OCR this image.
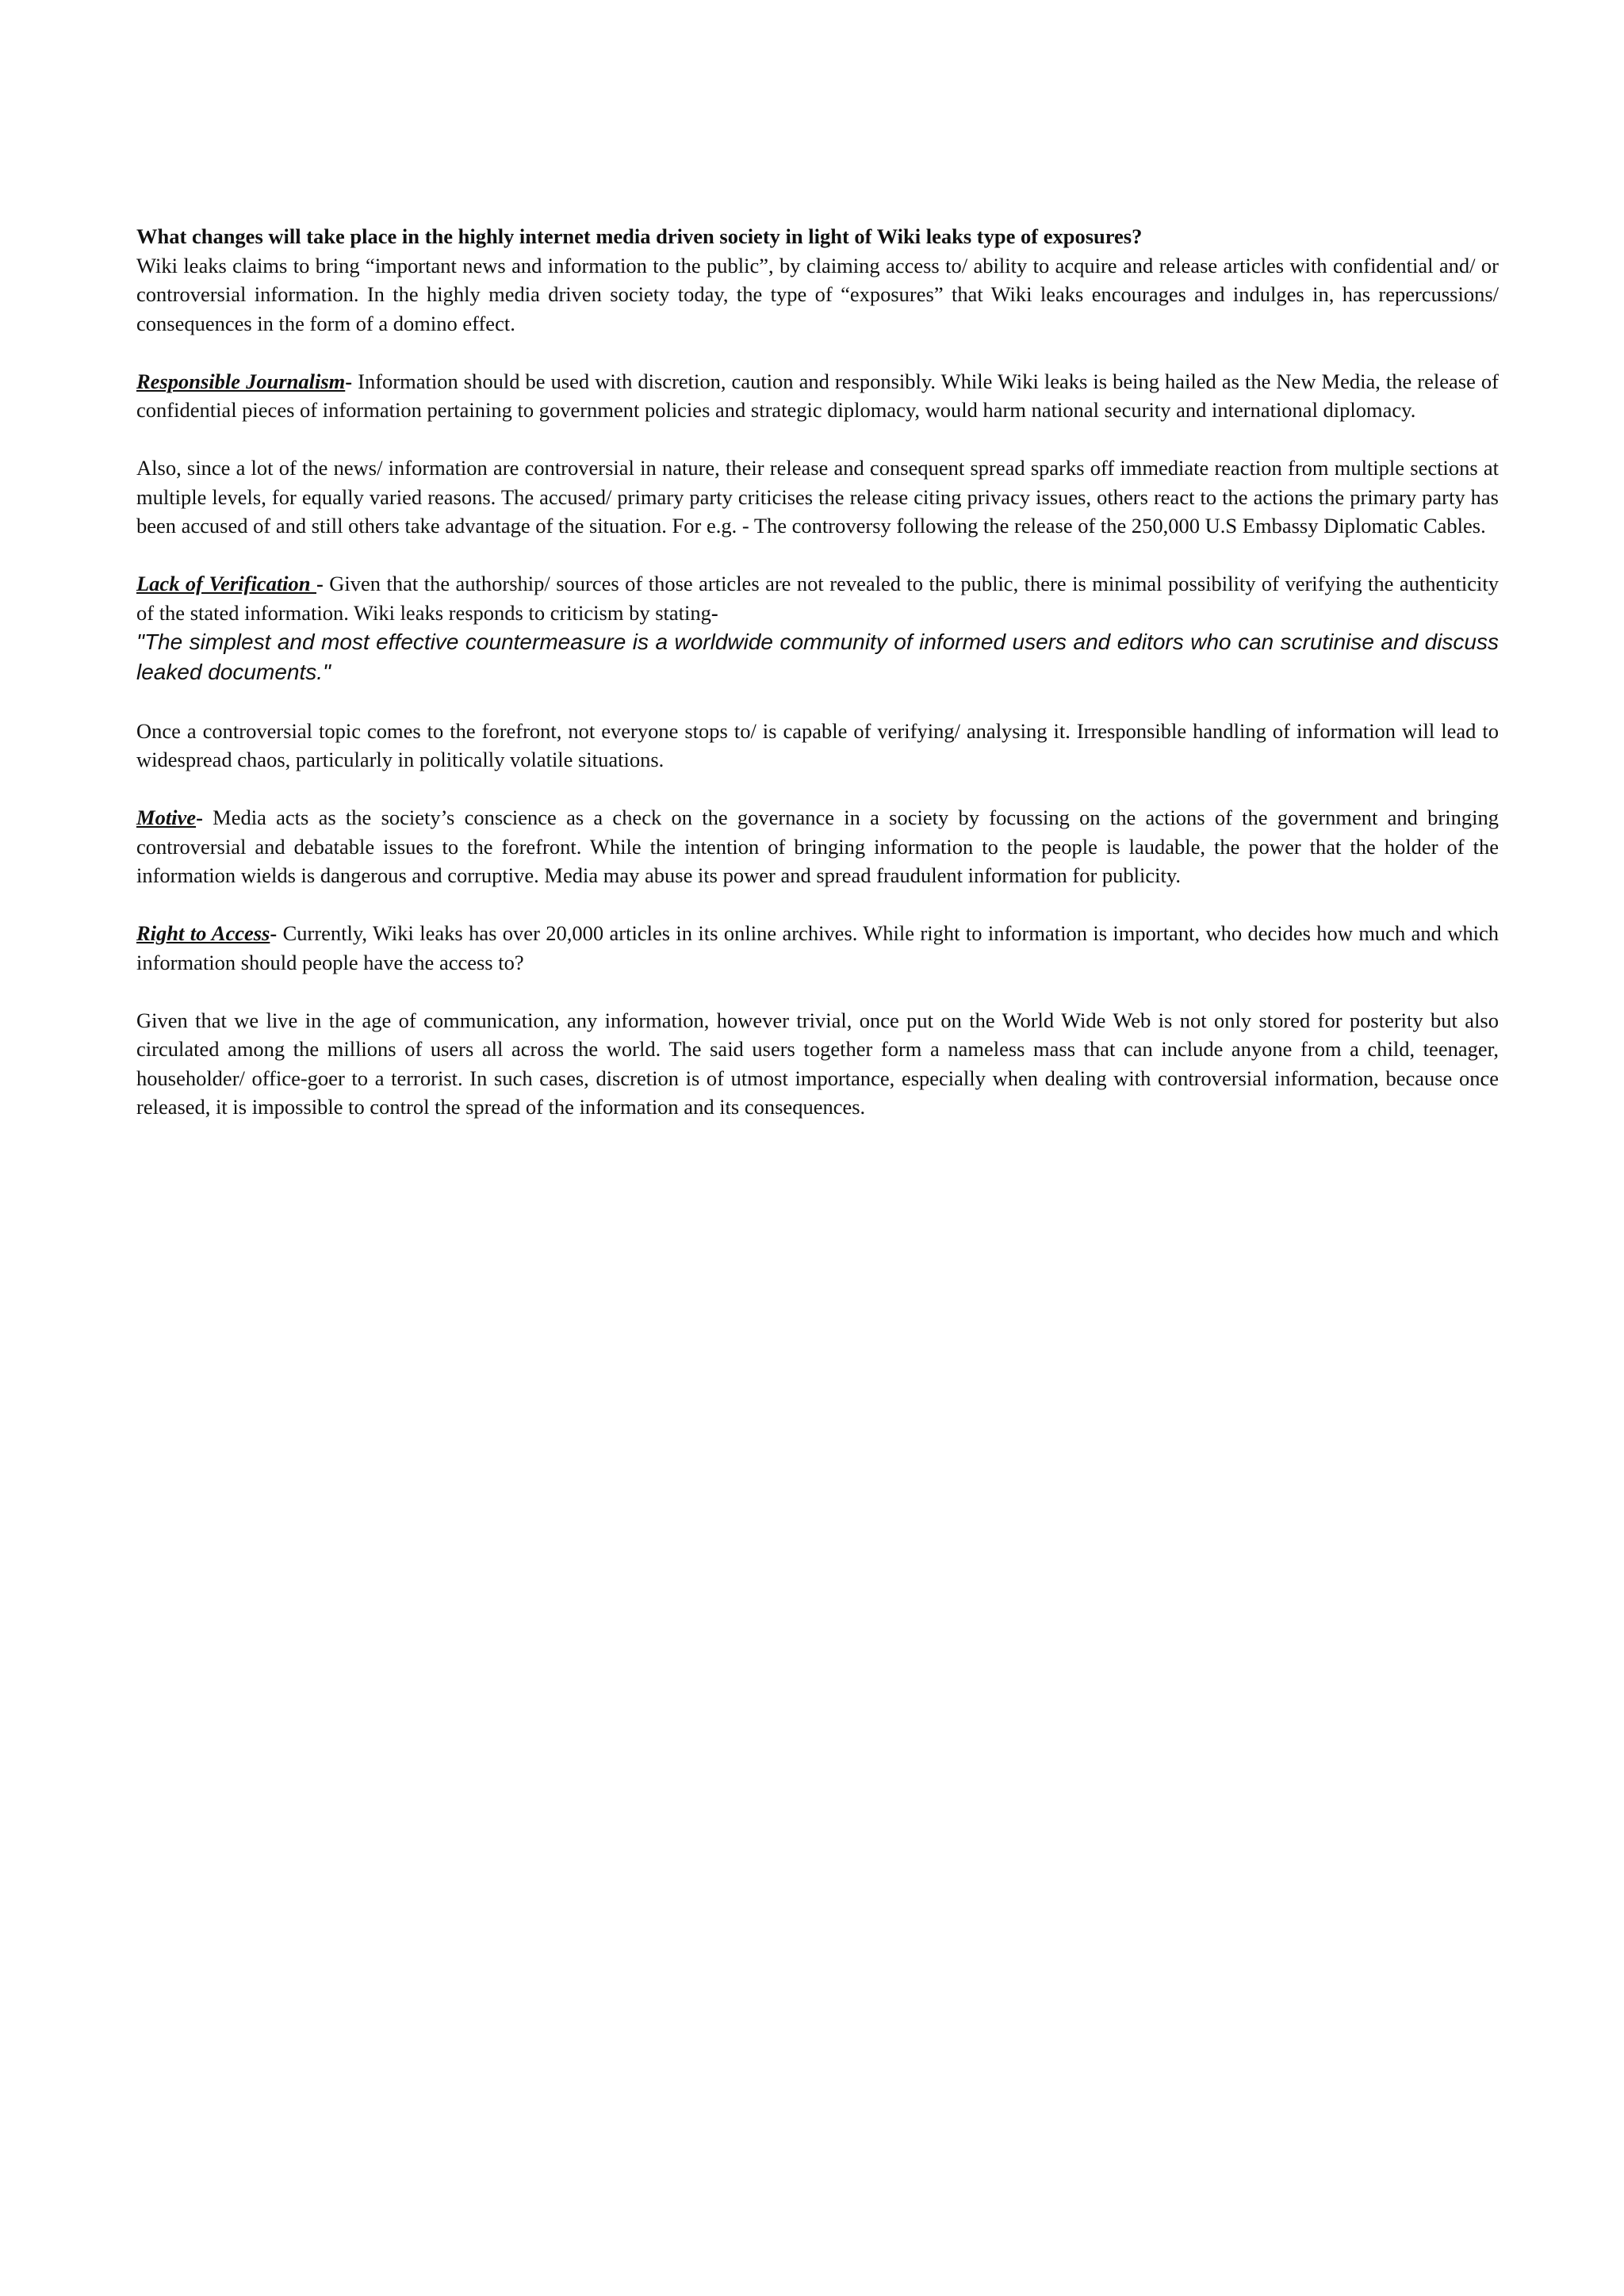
What changes will take place in the highly internet media driven society in light of Wiki leaks type of exposures?

Wiki leaks claims to bring “important news and information to the public”, by claiming access to/ ability to acquire and release articles with confidential and/ or controversial information. In the highly media driven society today, the type of “exposures” that Wiki leaks encourages and indulges in, has repercussions/ consequences in the form of a domino effect.

Responsible Journalism- Information should be used with discretion, caution and responsibly. While Wiki leaks is being hailed as the New Media, the release of confidential pieces of information pertaining to government policies and strategic diplomacy, would harm national security and international diplomacy.

Also, since a lot of the news/ information are controversial in nature, their release and consequent spread sparks off immediate reaction from multiple sections at multiple levels, for equally varied reasons. The accused/ primary party criticises the release citing privacy issues, others react to the actions the primary party has been accused of and still others take advantage of the situation. For e.g. - The controversy following the release of the 250,000 U.S Embassy Diplomatic Cables.

Lack of Verification - Given that the authorship/ sources of those articles are not revealed to the public, there is minimal possibility of verifying the authenticity of the stated information. Wiki leaks responds to criticism by stating-

"The simplest and most effective countermeasure is a worldwide community of informed users and editors who can scrutinise and discuss leaked documents."

Once a controversial topic comes to the forefront, not everyone stops to/ is capable of verifying/ analysing it. Irresponsible handling of information will lead to widespread chaos, particularly in politically volatile situations.

Motive- Media acts as the society’s conscience as a check on the governance in a society by focussing on the actions of the government and bringing controversial and debatable issues to the forefront. While the intention of bringing information to the people is laudable, the power that the holder of the information wields is dangerous and corruptive. Media may abuse its power and spread fraudulent information for publicity.

Right to Access- Currently, Wiki leaks has over 20,000 articles in its online archives. While right to information is important, who decides how much and which information should people have the access to?

Given that we live in the age of communication, any information, however trivial, once put on the World Wide Web is not only stored for posterity but also circulated among the millions of users all across the world. The said users together form a nameless mass that can include anyone from a child, teenager, householder/ office-goer to a terrorist. In such cases, discretion is of utmost importance, especially when dealing with controversial information, because once released, it is impossible to control the spread of the information and its consequences.
